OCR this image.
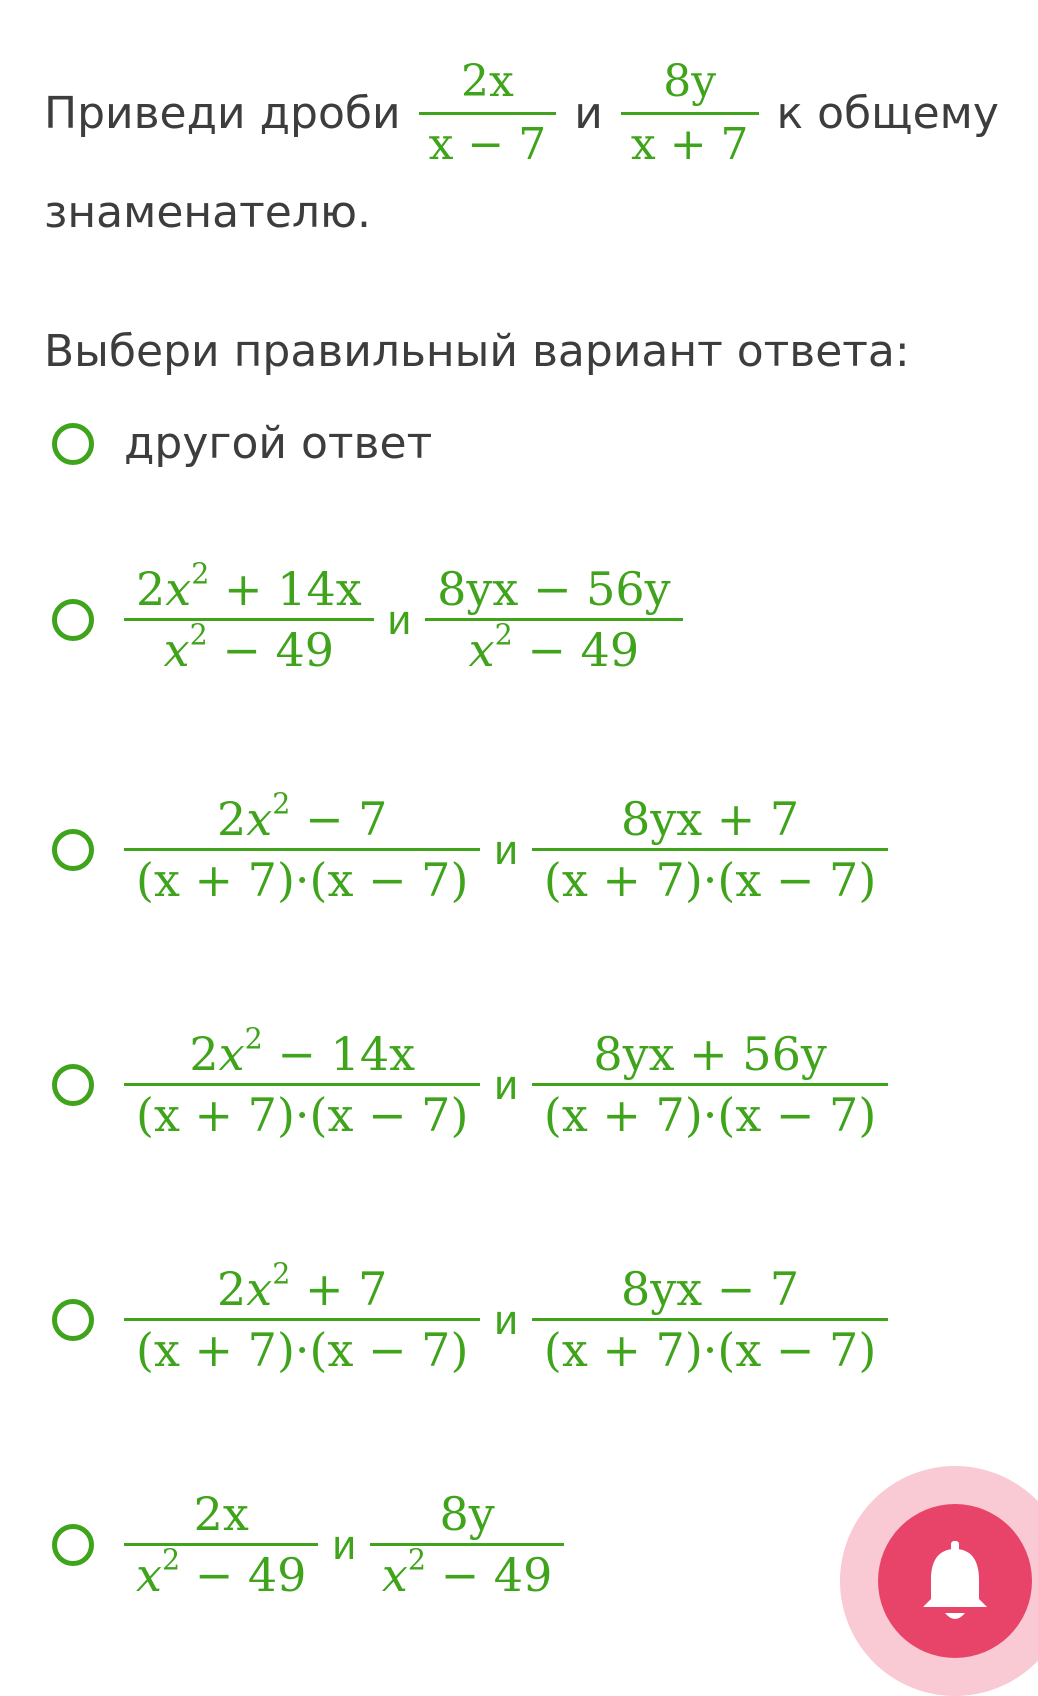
Приведи дроби $\frac{2x}{x - 7}$ и $\frac{8y}{x + 7}$ к общему
знаменателю.
Выбери правильный вариант ответа:
другой ответ
$\frac{2x^2 + 14x}{x^2 - 49}$ и $\frac{8yx - 56y}{x^2 - 49}$
$\frac{2x^2 - 7}{(x + 7)\cdot(x - 7)}$ и $\frac{8yx + 7}{(x + 7)\cdot(x - 7)}$
$\frac{2x^2 - 14x}{(x + 7)\cdot(x - 7)}$ и $\frac{8yx + 56y}{(x + 7)\cdot(x - 7)}$
$\frac{2x^2 + 7}{(x + 7)\cdot(x - 7)}$ и $\frac{8yx - 7}{(x + 7)\cdot(x - 7)}$
$\frac{2x}{x^2 - 49}$ и $\frac{8y}{x^2 - 49}$
